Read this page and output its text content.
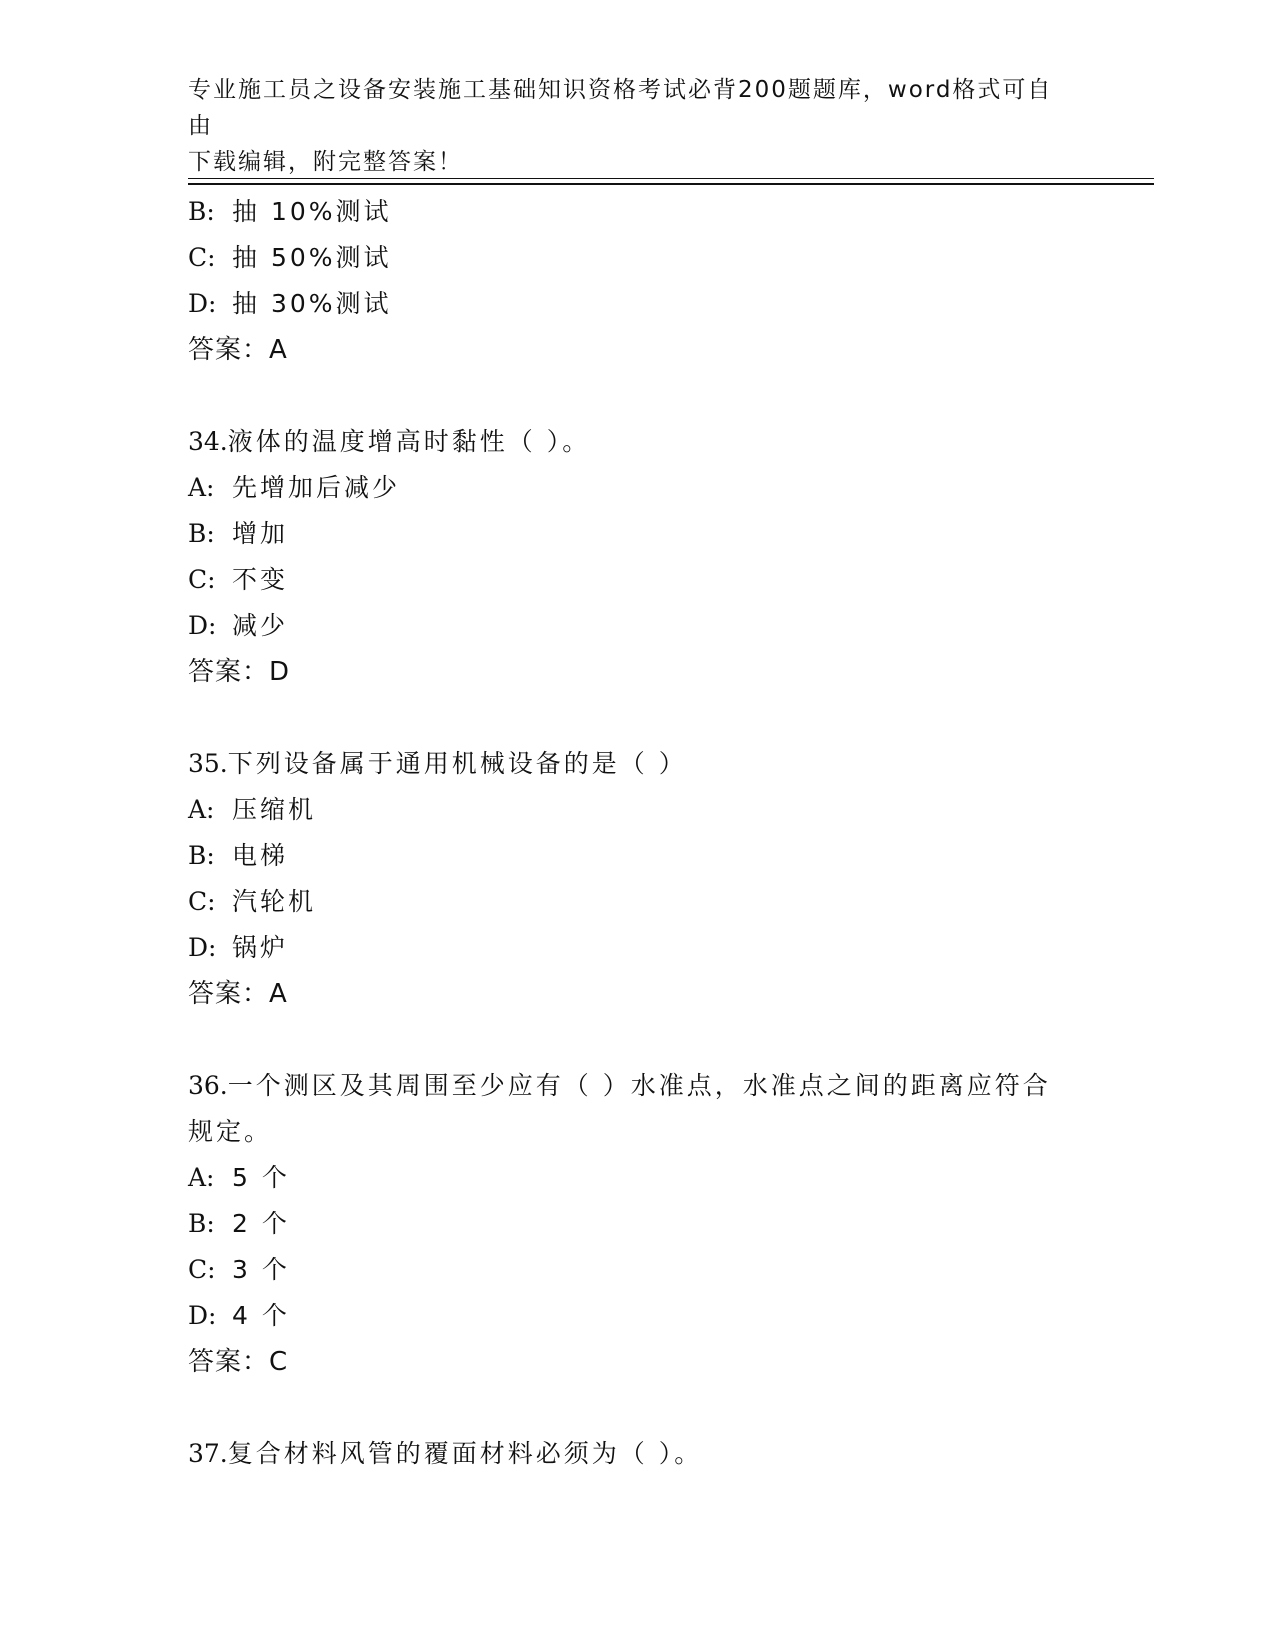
专业施工员之设备安装施工基础知识资格考试必背200题题库，word格式可自由
下载编辑，附完整答案！
B: 抽 10%测试
C: 抽 50%测试
D: 抽 30%测试
答案：A
34.液体的温度增高时黏性（ ）。
A: 先增加后减少
B: 增加
C: 不变
D: 减少
答案：D
35.下列设备属于通用机械设备的是（ ）
A: 压缩机
B: 电梯
C: 汽轮机
D: 锅炉
答案：A
36.一个测区及其周围至少应有（ ）水准点，水准点之间的距离应符合规定。
A: 5 个
B: 2 个
C: 3 个
D: 4 个
答案：C
37.复合材料风管的覆面材料必须为（ ）。
